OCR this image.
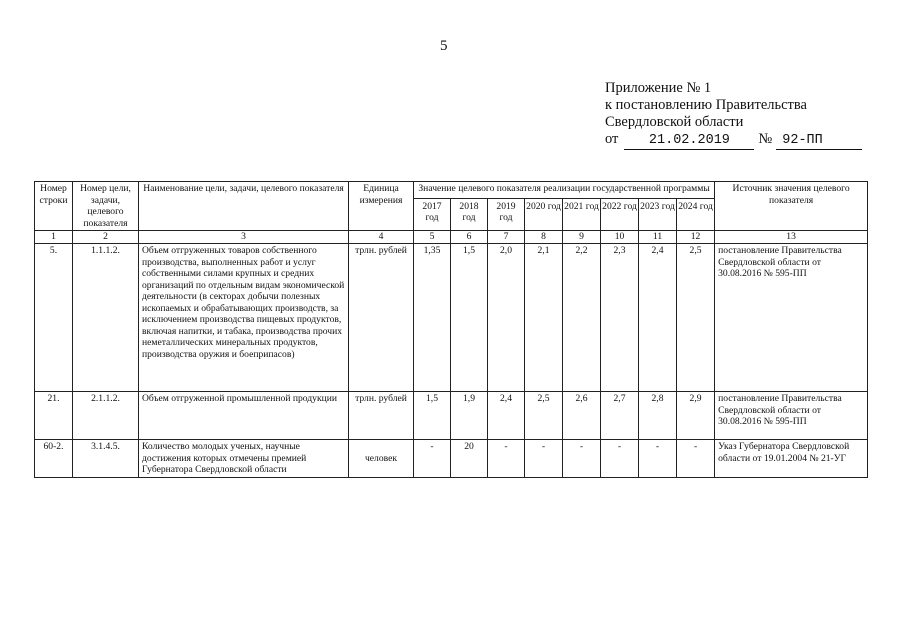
5
Приложение № 1
к постановлению Правительства
Свердловской области
от 21.02.2019 № 92-ПП
Номер строки	Номер цели, задачи, целевого показателя	Наименование цели, задачи, целевого показателя	Единица измерения	Значение целевого показателя реализации государственной программы								Источник значения целевого показателя
				2017 год	2018 год	2019 год	2020 год	2021 год	2022 год	2023 год	2024 год	
1	2	3	4	5	6	7	8	9	10	11	12	13
5.	1.1.1.2.	Объем отгруженных товаров собственного производства, выполненных работ и услуг собственными силами крупных и средних организаций по отдельным видам экономической деятельности (в секторах добычи полезных ископаемых и обрабатывающих производств, за исключением производства пищевых продуктов, включая напитки, и табака, производства прочих неметаллических минеральных продуктов, производства оружия и боеприпасов)	трлн. рублей	1,35	1,5	2,0	2,1	2,2	2,3	2,4	2,5	постановление Правительства Свердловской области от 30.08.2016 № 595-ПП
21.	2.1.1.2.	Объем отгруженной промышленной продукции	трлн. рублей	1,5	1,9	2,4	2,5	2,6	2,7	2,8	2,9	постановление Правительства Свердловской области от 30.08.2016 № 595-ПП
60-2.	3.1.4.5.	Количество молодых ученых, научные достижения которых отмечены премией Губернатора Свердловской области	человек	-	20	-	-	-	-	-	-	Указ Губернатора Свердловской области от 19.01.2004 № 21-УГ
